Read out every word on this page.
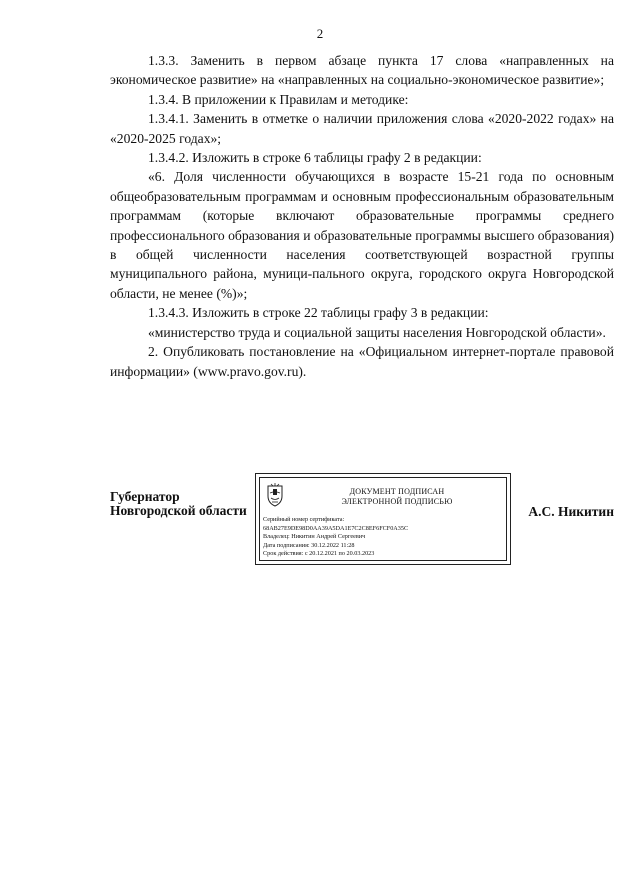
2

1.3.3. Заменить в первом абзаце пункта 17 слова «направленных на экономическое развитие» на «направленных на социально-экономическое развитие»;

1.3.4. В приложении к Правилам и методике:

1.3.4.1. Заменить в отметке о наличии приложения слова «2020-2022 годах» на «2020-2025 годах»;

1.3.4.2. Изложить в строке 6 таблицы графу 2 в редакции:

«6. Доля численности обучающихся в возрасте 15-21 года по основным общеобразовательным программам и основным профессиональным образовательным программам (которые включают образовательные программы среднего профессионального образования и образовательные программы высшего образования) в общей численности населения соответствующей возрастной группы муниципального района, муници-пального округа, городского округа Новгородской области, не менее (%)»;

1.3.4.3. Изложить в строке 22 таблицы графу 3 в редакции:

«министерство труда и социальной защиты населения Новгородской области».

2. Опубликовать постановление на «Официальном интернет-портале правовой информации» (www.pravo.gov.ru).

Губернатор
Новгородской области
ДОКУМЕНТ ПОДПИСАН
ЭЛЕКТРОННОЙ ПОДПИСЬЮ
Серийный номер сертификата:
68AB27E9DE98D0AA39A5DA1E7C2C8EF6FCF0A35C
Владелец: Никитин Андрей Сергеевич
Дата подписания: 30.12.2022 11:28
Срок действия: с 20.12.2021 по 20.03.2023
А.С. Никитин
